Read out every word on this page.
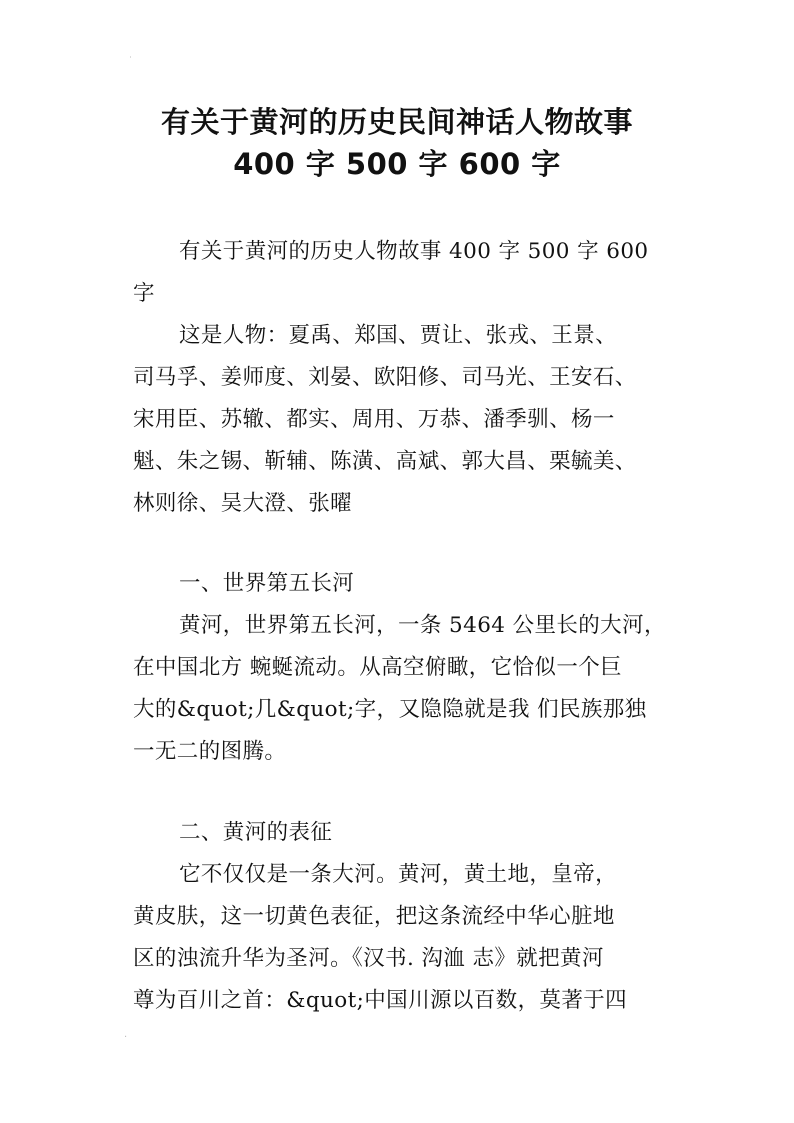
˙
有关于黄河的历史民间神话人物故事
400 字 500 字 600 字
有关于黄河的历史人物故事 400 字 500 字 600
字
这是人物：夏禹、郑国、贾让、张戎、王景、
司马孚、姜师度、刘晏、欧阳修、司马光、王安石、
宋用臣、苏辙、都实、周用、万恭、潘季驯、杨一
魁、朱之锡、靳辅、陈潢、高斌、郭大昌、栗毓美、
林则徐、吴大澄、张曜
一、世界第五长河
黄河，世界第五长河，一条 5464 公里长的大河，
在中国北方 蜿蜒流动。从高空俯瞰，它恰似一个巨
大的&quot;几&quot;字，又隐隐就是我 们民族那独
一无二的图腾。
二、黄河的表征
它不仅仅是一条大河。黄河，黄土地，皇帝，
黄皮肤，这一切黄色表征，把这条流经中华心脏地
区的浊流升华为圣河。《汉书. 沟洫 志》就把黄河
尊为百川之首：&quot;中国川源以百数，莫著于四
·
